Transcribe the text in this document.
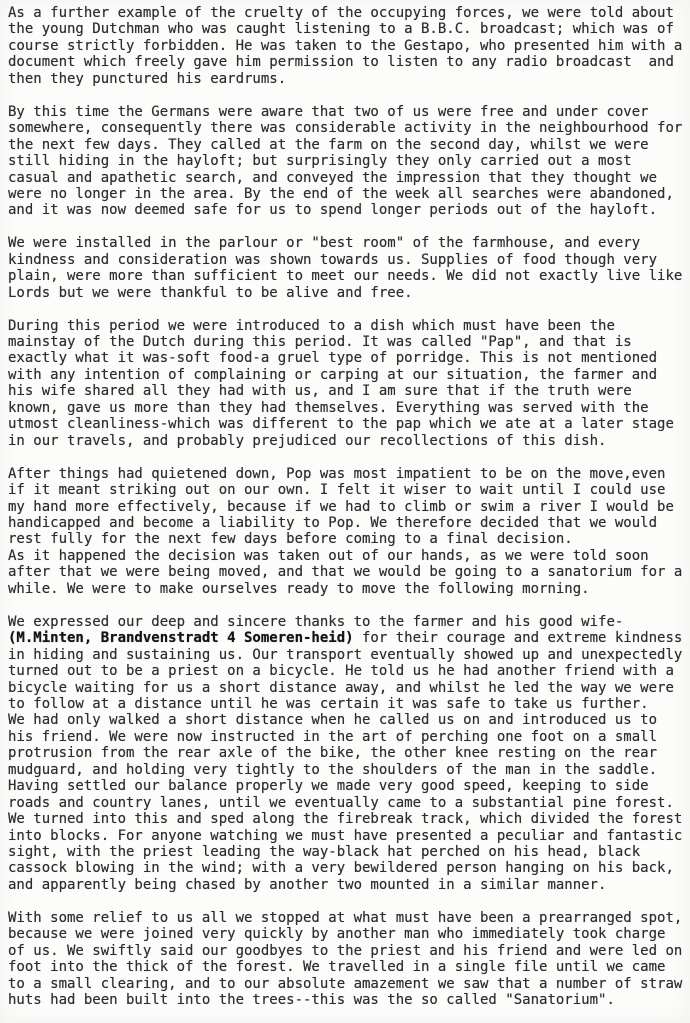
As a further example of the cruelty of the occupying forces, we were told about
the young Dutchman who was caught listening to a B.B.C. broadcast; which was of
course strictly forbidden. He was taken to the Gestapo, who presented him with a
document which freely gave him permission to listen to any radio broadcast  and
then they punctured his eardrums.
By this time the Germans were aware that two of us were free and under cover
somewhere, consequently there was considerable activity in the neighbourhood for
the next few days. They called at the farm on the second day, whilst we were
still hiding in the hayloft; but surprisingly they only carried out a most
casual and apathetic search, and conveyed the impression that they thought we
were no longer in the area. By the end of the week all searches were abandoned,
and it was now deemed safe for us to spend longer periods out of the hayloft.
We were installed in the parlour or "best room" of the farmhouse, and every
kindness and consideration was shown towards us. Supplies of food though very
plain, were more than sufficient to meet our needs. We did not exactly live like
Lords but we were thankful to be alive and free.
During this period we were introduced to a dish which must have been the
mainstay of the Dutch during this period. It was called "Pap", and that is
exactly what it was-soft food-a gruel type of porridge. This is not mentioned
with any intention of complaining or carping at our situation, the farmer and
his wife shared all they had with us, and I am sure that if the truth were
known, gave us more than they had themselves. Everything was served with the
utmost cleanliness-which was different to the pap which we ate at a later stage
in our travels, and probably prejudiced our recollections of this dish.
After things had quietened down, Pop was most impatient to be on the move,even
if it meant striking out on our own. I felt it wiser to wait until I could use
my hand more effectively, because if we had to climb or swim a river I would be
handicapped and become a liability to Pop. We therefore decided that we would
rest fully for the next few days before coming to a final decision.
As it happened the decision was taken out of our hands, as we were told soon
after that we were being moved, and that we would be going to a sanatorium for a
while. We were to make ourselves ready to move the following morning.
We expressed our deep and sincere thanks to the farmer and his good wife-
(M.Minten, Brandvenstradt 4 Someren-heid) for their courage and extreme kindness
in hiding and sustaining us. Our transport eventually showed up and unexpectedly
turned out to be a priest on a bicycle. He told us he had another friend with a
bicycle waiting for us a short distance away, and whilst he led the way we were
to follow at a distance until he was certain it was safe to take us further.
We had only walked a short distance when he called us on and introduced us to
his friend. We were now instructed in the art of perching one foot on a small
protrusion from the rear axle of the bike, the other knee resting on the rear
mudguard, and holding very tightly to the shoulders of the man in the saddle.
Having settled our balance properly we made very good speed, keeping to side
roads and country lanes, until we eventually came to a substantial pine forest.
We turned into this and sped along the firebreak track, which divided the forest
into blocks. For anyone watching we must have presented a peculiar and fantastic
sight, with the priest leading the way-black hat perched on his head, black
cassock blowing in the wind; with a very bewildered person hanging on his back,
and apparently being chased by another two mounted in a similar manner.
With some relief to us all we stopped at what must have been a prearranged spot,
because we were joined very quickly by another man who immediately took charge
of us. We swiftly said our goodbyes to the priest and his friend and were led on
foot into the thick of the forest. We travelled in a single file until we came
to a small clearing, and to our absolute amazement we saw that a number of straw
huts had been built into the trees--this was the so called "Sanatorium".
